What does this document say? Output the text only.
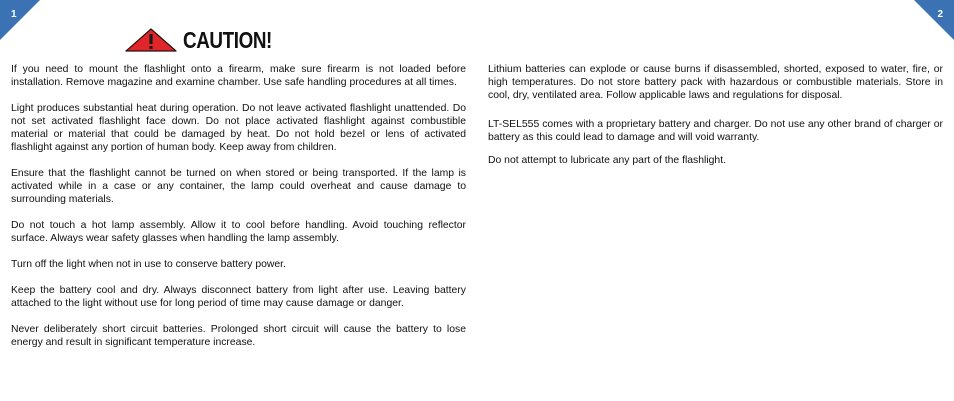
1	2
CAUTION!

If you need to mount the flashlight onto a firearm, make sure firearm is not loaded before installation. Remove magazine and examine chamber. Use safe handling procedures at all times.

Light produces substantial heat during operation. Do not leave activated flashlight unattended. Do not set activated flashlight face down. Do not place activated flashlight against combustible material or material that could be damaged by heat. Do not hold bezel or lens of activated flashlight against any portion of human body. Keep away from children.

Ensure that the flashlight cannot be turned on when stored or being transported. If the lamp is activated while in a case or any container, the lamp could overheat and cause damage to surrounding materials.

Do not touch a hot lamp assembly. Allow it to cool before handling. Avoid touching reflector surface. Always wear safety glasses when handling the lamp assembly.

Turn off the light when not in use to conserve battery power.

Keep the battery cool and dry. Always disconnect battery from light after use. Leaving battery attached to the light without use for long period of time may cause damage or danger.

Never deliberately short circuit batteries. Prolonged short circuit will cause the battery to lose energy and result in significant temperature increase.

Lithium batteries can explode or cause burns if disassembled, shorted, exposed to water, fire, or high temperatures. Do not store battery pack with hazardous or combustible materials. Store in cool, dry, ventilated area. Follow applicable laws and regulations for disposal.

LT-SEL555 comes with a proprietary battery and charger. Do not use any other brand of charger or battery as this could lead to damage and will void warranty.

Do not attempt to lubricate any part of the flashlight.
